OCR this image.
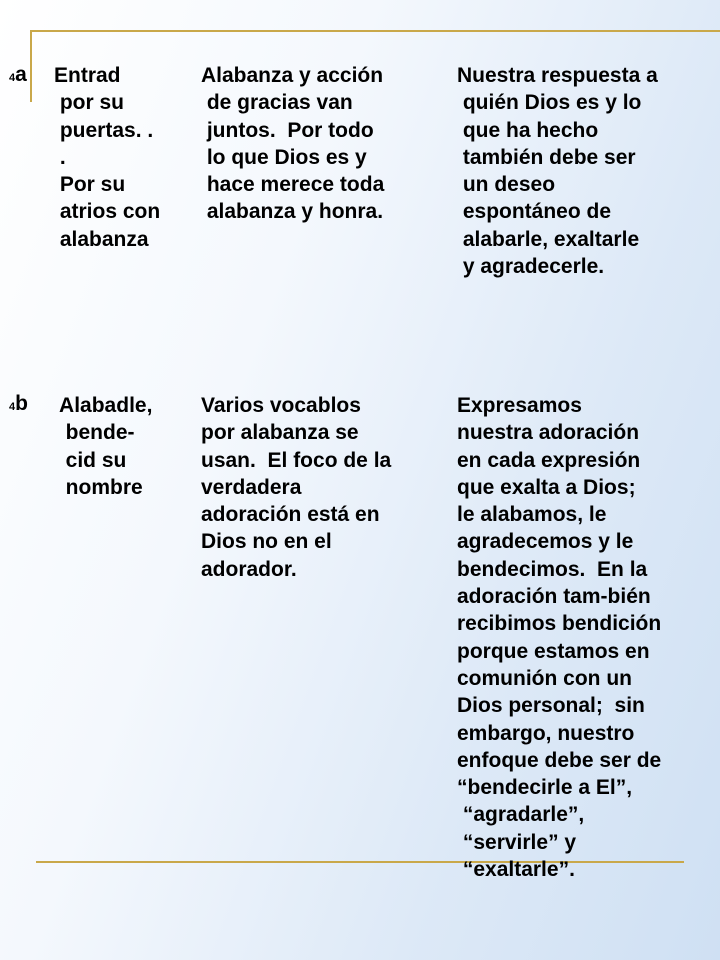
4a Entrad
por su
puertas. .
.
Por su
atrios con
alabanza
Alabanza y acción
de gracias van
juntos.  Por todo
lo que Dios es y
hace merece toda
alabanza y honra.
Nuestra respuesta a
quién Dios es y lo
que ha hecho
también debe ser
un deseo
espontáneo de
alabarle, exaltarle
y agradecerle.
4b Alabadle,
bende-
cid su
nombre
Varios vocablos
por alabanza se
usan.  El foco de la
verdadera
adoración está en
Dios no en el
adorador.
Expresamos
nuestra adoración
en cada expresión
que exalta a Dios;
le alabamos, le
agradecemos y le
bendecimos.  En la
adoración tam-bién
recibimos bendición
porque estamos en
comunión con un
Dios personal;  sin
embargo, nuestro
enfoque debe ser de
“bendecirle a El”,
“agradarle”,
“servirle” y
“exaltarle”.
